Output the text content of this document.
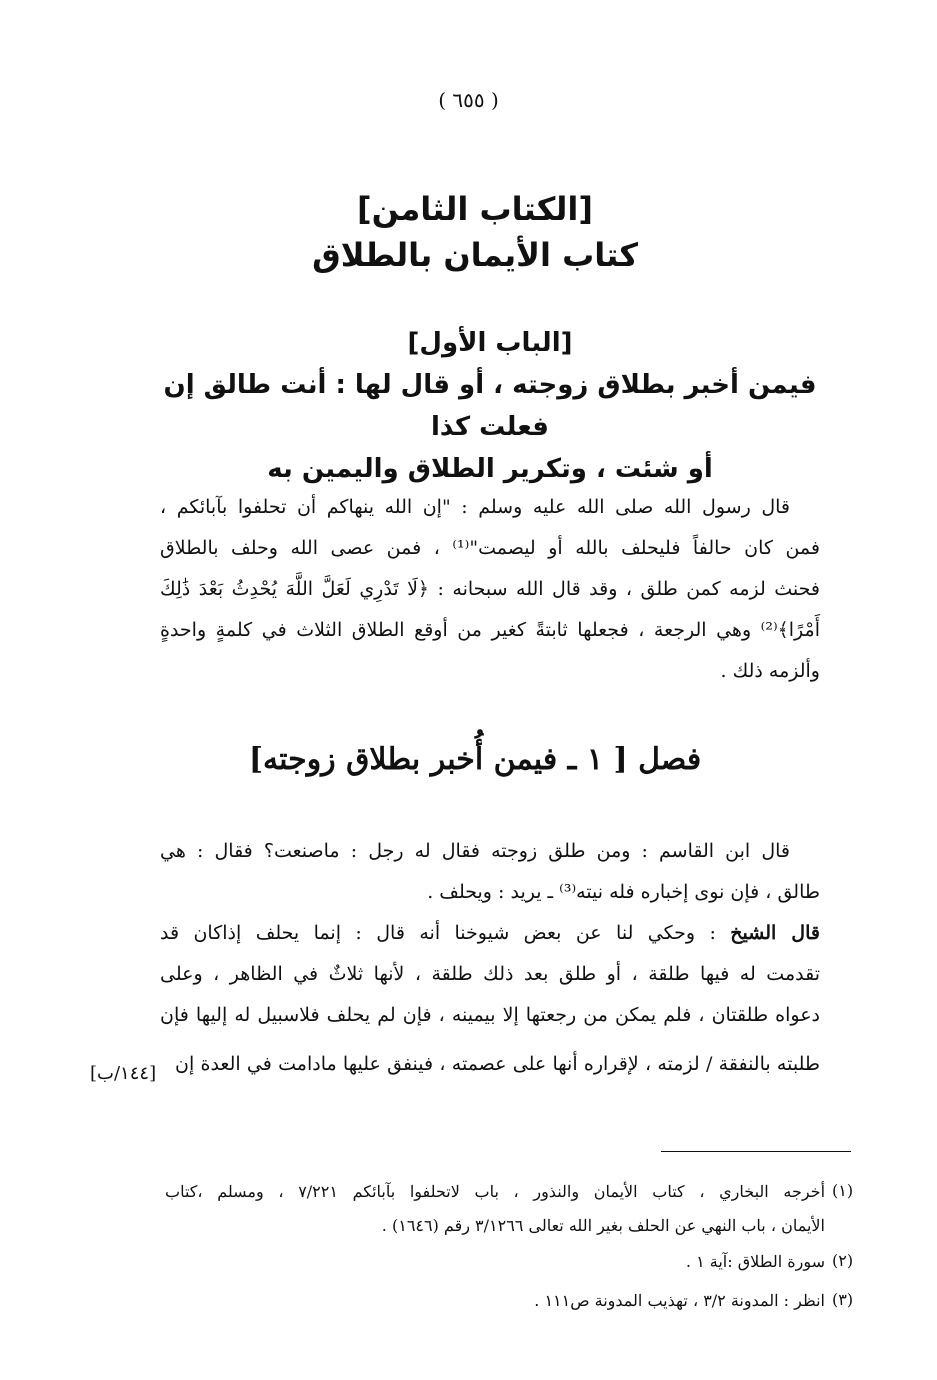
( ٦٥٥ )
[الكتاب الثامن]
كتاب الأيمان بالطلاق
[الباب الأول]
فيمن أخبر بطلاق زوجته ، أو قال لها : أنت طالق إن فعلت كذا
أو شئت ، وتكرير الطلاق واليمين به
قال رسول الله صلى الله عليه وسلم : "إن الله ينهاكم أن تحلفوا بآبائكم ،
فمن كان حالفاً فليحلف بالله أو ليصمت"⁽¹⁾ ، فمن عصى الله وحلف بالطلاق
فحنث لزمه كمن طلق ، وقد قال الله سبحانه : ﴿لَا تَدْرِي لَعَلَّ اللَّهَ يُحْدِثُ بَعْدَ ذَٰلِكَ
أَمْرًا﴾⁽²⁾ وهي الرجعة ، فجعلها ثابتةً كغير من أوقع الطلاق الثلاث في كلمةٍ واحدةٍ
وألزمه ذلك .
فصل [ ١ ـ فيمن أُخبر بطلاق زوجته]
قال ابن القاسم : ومن طلق زوجته فقال له رجل : ماصنعت؟ فقال : هي
طالق ، فإن نوى إخباره فله نيته⁽³⁾ ـ يريد : ويحلف .
قال الشيخ : وحكي لنا عن بعض شيوخنا أنه قال : إنما يحلف إذاكان قد
تقدمت له فيها طلقة ، أو طلق بعد ذلك طلقة ، لأنها ثلاثٌ في الظاهر ، وعلى
دعواه طلقتان ، فلم يمكن من رجعتها إلا بيمينه ، فإن لم يحلف فلاسبيل له إليها فإن
طلبته بالنفقة / لزمته ، لإقراره أنها على عصمته ، فينفق عليها مادامت في العدة إن
[١٤٤/ب]
(١)
أخرجه البخاري ، كتاب الأيمان والنذور ، باب لاتحلفوا بآبائكم ٧/٢٢١ ، ومسلم ،كتاب
الأيمان ، باب النهي عن الحلف بغير الله تعالى ٣/١٢٦٦ رقم (١٦٤٦) .
(٢)
سورة الطلاق :آية ١ .
(٣)
انظر : المدونة ٣/٢ ، تهذيب المدونة ص١١١ .
